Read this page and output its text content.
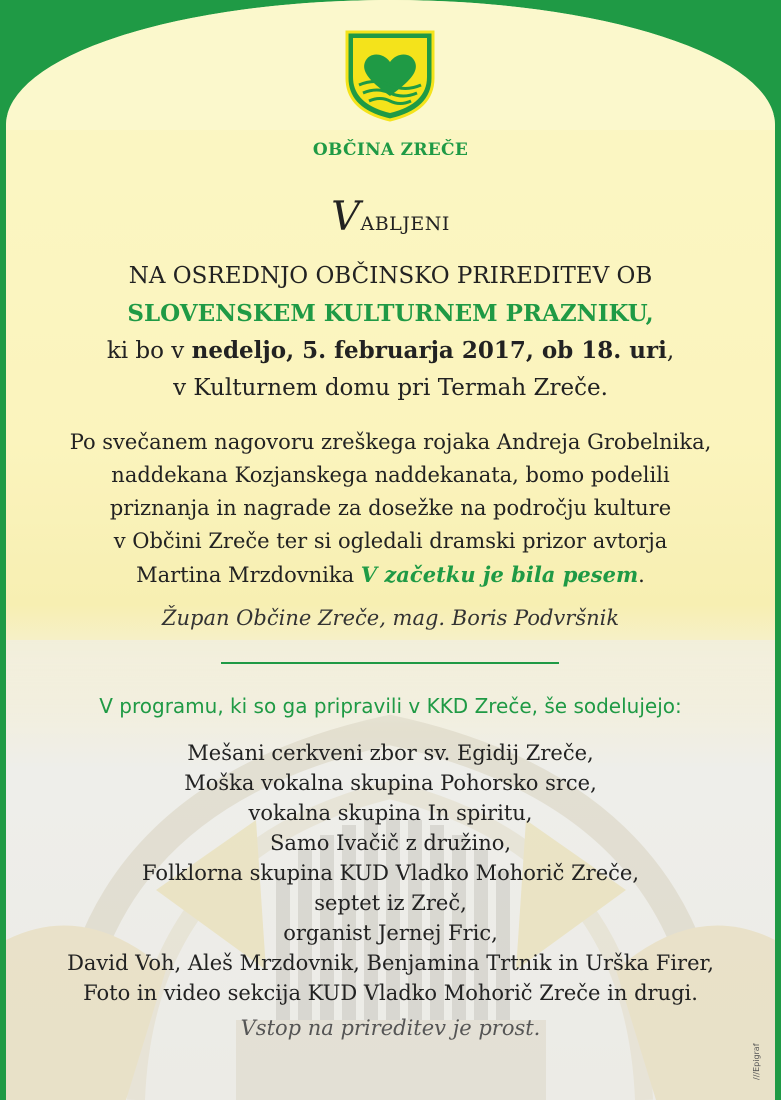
OBČINA ZREČE
VABLJENI
NA OSREDNJO OBČINSKO PRIREDITEV OB
SLOVENSKEM KULTURNEM PRAZNIKU,
ki bo v nedeljo, 5. februarja 2017, ob 18. uri,
v Kulturnem domu pri Termah Zreče.
Po svečanem nagovoru zreškega rojaka Andreja Grobelnika,
naddekana Kozjanskega naddekanata, bomo podelili
priznanja in nagrade za dosežke na področju kulture
v Občini Zreče ter si ogledali dramski prizor avtorja
Martina Mrzdovnika V začetku je bila pesem.
Župan Občine Zreče, mag. Boris Podvršnik
V programu, ki so ga pripravili v KKD Zreče, še sodelujejo:
Mešani cerkveni zbor sv. Egidij Zreče,
Moška vokalna skupina Pohorsko srce,
vokalna skupina In spiritu,
Samo Ivačič z družino,
Folklorna skupina KUD Vladko Mohorič Zreče,
septet iz Zreč,
organist Jernej Fric,
David Voh, Aleš Mrzdovnik, Benjamina Trtnik in Urška Firer,
Foto in video sekcija KUD Vladko Mohorič Zreče in drugi.
Vstop na prireditev je prost.
///Epigraf
